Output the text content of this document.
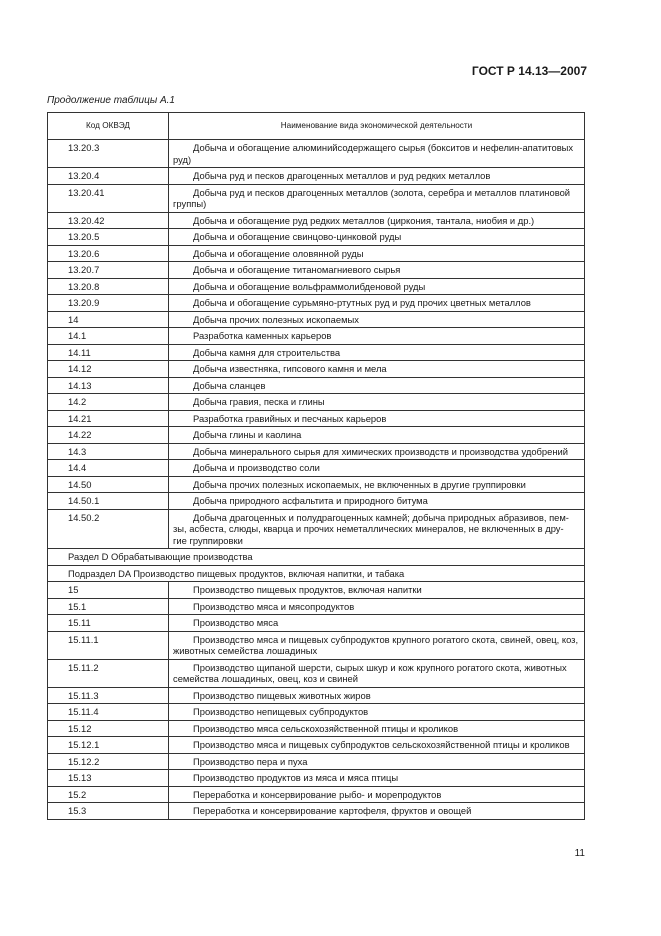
ГОСТ Р 14.13—2007
Продолжение таблицы А.1
Код ОКВЭД	Наименование вида экономической деятельности
13.20.3	Добыча и обогащение алюминийсодержащего сырья (бокситов и нефелин-апатитовых руд)
13.20.4	Добыча руд и песков драгоценных металлов и руд редких металлов
13.20.41	Добыча руд и песков драгоценных металлов (золота, серебра и металлов платиновой группы)
13.20.42	Добыча и обогащение руд редких металлов (циркония, тантала, ниобия и др.)
13.20.5	Добыча и обогащение свинцово-цинковой руды
13.20.6	Добыча и обогащение оловянной руды
13.20.7	Добыча и обогащение титаномагниевого сырья
13.20.8	Добыча и обогащение вольфраммолибденовой руды
13.20.9	Добыча и обогащение сурьмяно-ртутных руд и руд прочих цветных металлов
14	Добыча прочих полезных ископаемых
14.1	Разработка каменных карьеров
14.11	Добыча камня для строительства
14.12	Добыча известняка, гипсового камня и мела
14.13	Добыча сланцев
14.2	Добыча гравия, песка и глины
14.21	Разработка гравийных и песчаных карьеров
14.22	Добыча глины и каолина
14.3	Добыча минерального сырья для химических производств и производства удобрений
14.4	Добыча и производство соли
14.50	Добыча прочих полезных ископаемых, не включенных в другие группировки
14.50.1	Добыча природного асфальтита и природного битума
14.50.2	Добыча драгоценных и полудрагоценных камней; добыча природных абразивов, пем- зы, асбеста, слюды, кварца и прочих неметаллических минералов, не включенных в дру- гие группировки
Раздел D Обрабатывающие производства	
Подраздел DA Производство пищевых продуктов, включая напитки, и табака	
15	Производство пищевых продуктов, включая напитки
15.1	Производство мяса и мясопродуктов
15.11	Производство мяса
15.11.1	Производство мяса и пищевых субпродуктов крупного рогатого скота, свиней, овец, коз, животных семейства лошадиных
15.11.2	Производство щипаной шерсти, сырых шкур и кож крупного рогатого скота, животных семейства лошадиных, овец, коз и свиней
15.11.3	Производство пищевых животных жиров
15.11.4	Производство непищевых субпродуктов
15.12	Производство мяса сельскохозяйственной птицы и кроликов
15.12.1	Производство мяса и пищевых субпродуктов сельскохозяйственной птицы и кроликов
15.12.2	Производство пера и пуха
15.13	Производство продуктов из мяса и мяса птицы
15.2	Переработка и консервирование рыбо- и морепродуктов
15.3	Переработка и консервирование картофеля, фруктов и овощей
11
